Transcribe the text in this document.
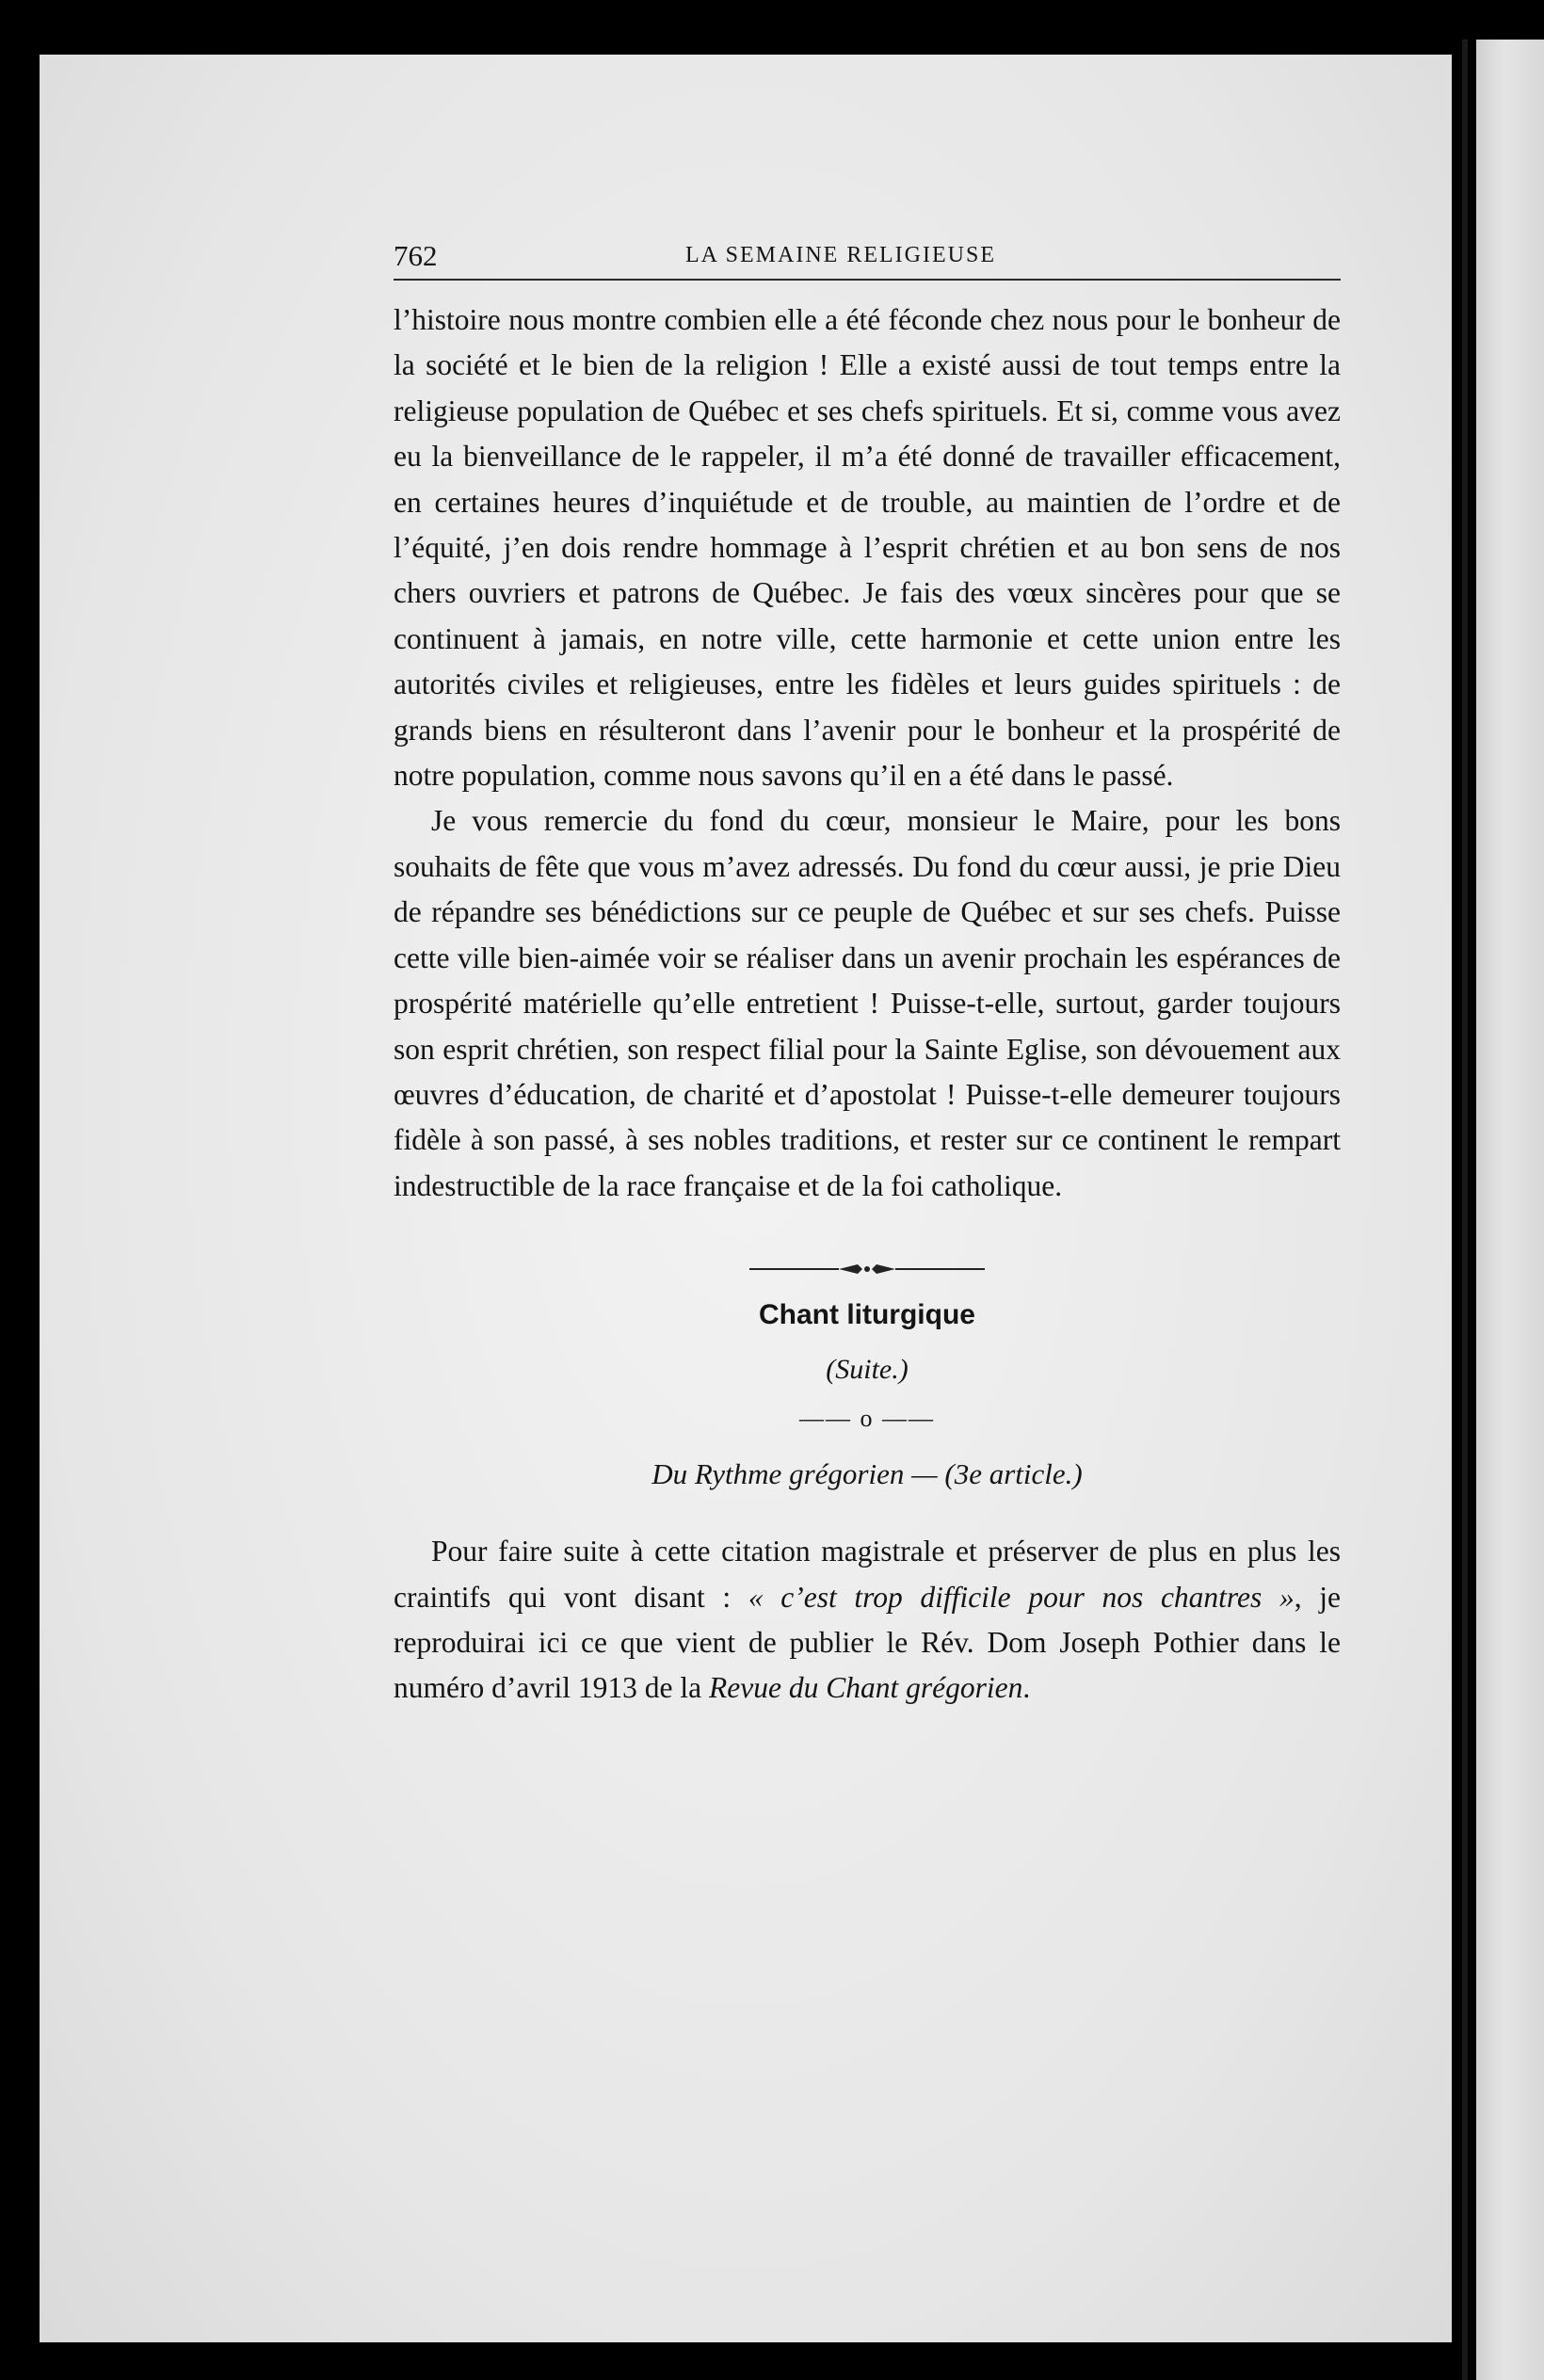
762	LA SEMAINE RELIGIEUSE

l’histoire nous montre combien elle a été féconde chez nous pour le bonheur de la société et le bien de la religion ! Elle a existé aussi de tout temps entre la religieuse population de Québec et ses chefs spirituels. Et si, comme vous avez eu la bienveillance de le rappeler, il m’a été donné de travailler efficacement, en certaines heures d’inquiétude et de trouble, au maintien de l’ordre et de l’équité, j’en dois rendre hommage à l’esprit chrétien et au bon sens de nos chers ouvriers et patrons de Québec. Je fais des vœux sincères pour que se continuent à jamais, en notre ville, cette harmonie et cette union entre les autorités civiles et religieuses, entre les fidèles et leurs guides spirituels : de grands biens en résulteront dans l’avenir pour le bonheur et la prospérité de notre population, comme nous savons qu’il en a été dans le passé.

Je vous remercie du fond du cœur, monsieur le Maire, pour les bons souhaits de fête que vous m’avez adressés. Du fond du cœur aussi, je prie Dieu de répandre ses bénédictions sur ce peuple de Québec et sur ses chefs. Puisse cette ville bien-aimée voir se réaliser dans un avenir prochain les espérances de prospérité matérielle qu’elle entretient ! Puisse-t-elle, surtout, garder toujours son esprit chrétien, son respect filial pour la Sainte Eglise, son dévouement aux œuvres d’éducation, de charité et d’apostolat ! Puisse-t-elle demeurer toujours fidèle à son passé, à ses nobles traditions, et rester sur ce continent le rempart indestructible de la race française et de la foi catholique.

Chant liturgique
(Suite.)
—— o ——
Du Rythme grégorien — (3e article.)

Pour faire suite à cette citation magistrale et préserver de plus en plus les craintifs qui vont disant : « c’est trop difficile pour nos chantres », je reproduirai ici ce que vient de publier le Rév. Dom Joseph Pothier dans le numéro d’avril 1913 de la Revue du Chant grégorien.
